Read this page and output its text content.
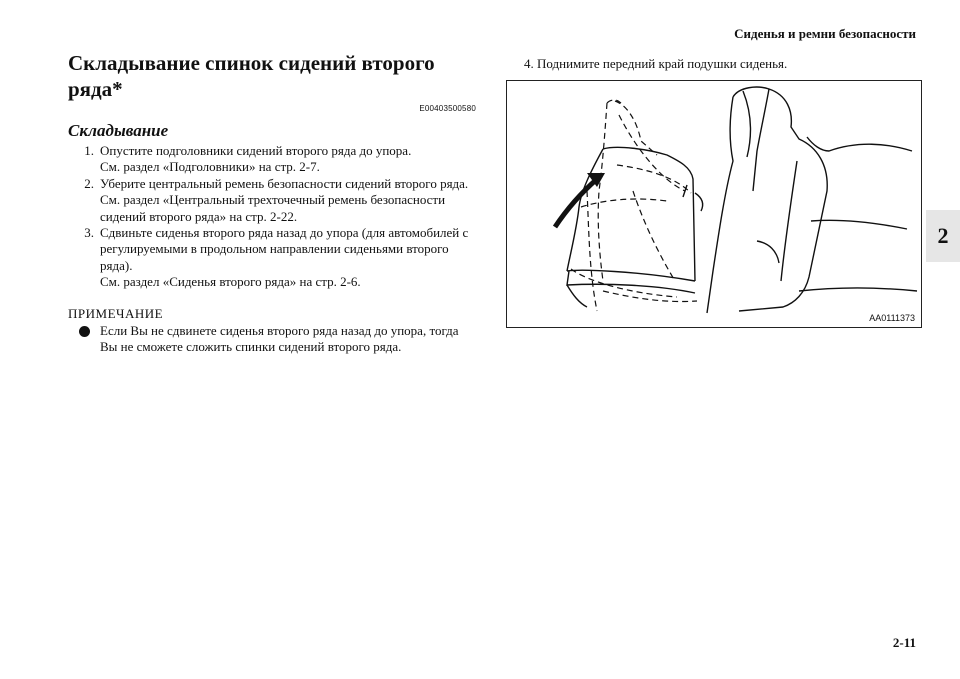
Сиденья и ремни безопасности
2
Складывание спинок сидений второго ряда*
E00403500580
Складывание
1. Опустите подголовники сидений второго ряда до упора.
См. раздел «Подголовники» на стр. 2-7.
2. Уберите центральный ремень безопасности сидений второго ряда.
См. раздел «Центральный трехточечный ремень безопасности сидений второго ряда» на стр. 2-22.
3. Сдвиньте сиденья второго ряда назад до упора (для автомобилей с регулируемыми в продольном направлении сиденьями второго ряда).
См. раздел «Сиденья второго ряда» на стр. 2-6.
ПРИМЕЧАНИЕ
Если Вы не сдвинете сиденья второго ряда назад до упора, тогда Вы не сможете сложить спинки сидений второго ряда.
4. Поднимите передний край подушки сиденья.
AA0111373
2-11
